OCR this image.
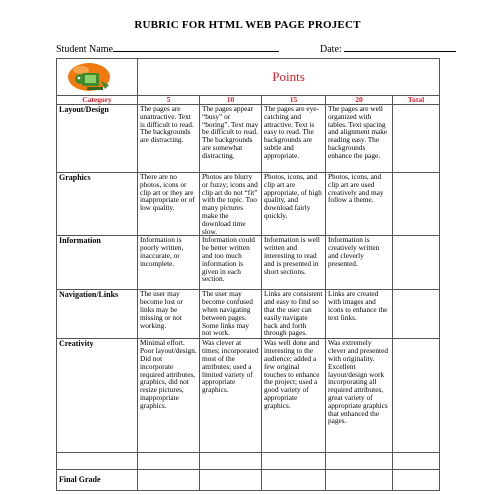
RUBRIC FOR HTML WEB PAGE PROJECT
Student Name	Date:
	Points				
Category	5	10	15	20	Total
Layout/Design	The pages are unattractive. Text is difficult to read. The backgrounds are distracting.	The pages appear “busy” or “boring”. Text may be difficult to read. The backgrounds are somewhat distracting.	The pages are eye-catching and attractive. Text is easy to read. The backgrounds are subtle and appropriate.	The pages are well organized with tables. Text spacing and alignment make reading easy. The backgrounds enhance the page.	
Graphics	There are no photos, icons or clip art or they are inappropriate or of low quality.	Photos are blurry or fuzzy; icons and clip art do not “fit” with the topic. Too many pictures make the download time slow.	Photos, icons, and clip art are appropriate, of high quality, and download fairly quickly.	Photos, icons, and clip art are used creatively and may follow a theme.	
Information	Information is poorly written, inaccurate, or incomplete.	Information could be better written and too much information is given in each section.	Information is well written and interesting to read and is presented in short sections.	Information is creatively written and cleverly presented.	
Navigation/Links	The user may become lost or links may be missing or not working.	The user may become confused when navigating between pages. Some links may not work.	Links are consistent and easy to find so that the user can easily navigate back and forth through pages.	Links are created with images and icons to enhance the text links.	
Creativity	Minimal effort. Poor layout/design. Did not incorporate required attributes, graphics, did not resize pictures, inappropriate graphics.	Was clever at times; incorporated most of the attributes; used a limited variety of appropriate graphics.	Was well done and interesting to the audience; added a few original touches to enhance the project; used a good variety of appropriate graphics.	Was extremely clever and presented with originality. Excellent layout/design work incorporating all required attributes, great variety of appropriate graphics that enhanced the pages.	

Final Grade					
